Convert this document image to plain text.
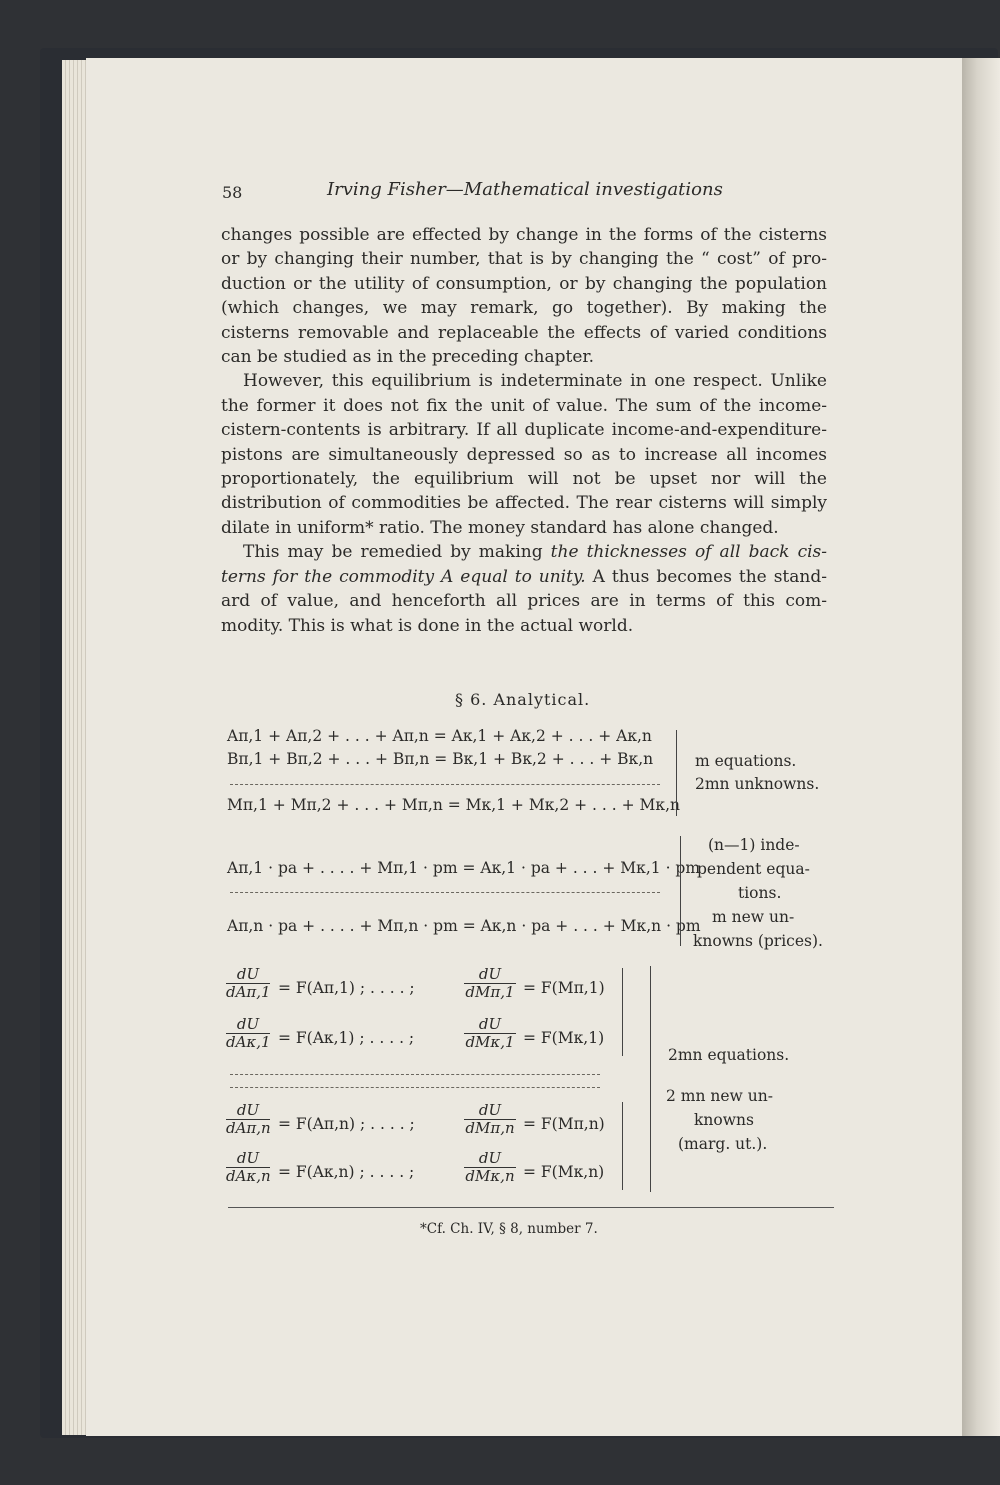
58	Irving Fisher—Mathematical investigations

changes possible are effected by change in the forms of the cisterns or by changing their number, that is by changing the “ cost” of pro-duction or the utility of consumption, or by changing the population (which changes, we may remark, go together). By making the cisterns removable and replaceable the effects of varied conditions can be studied as in the preceding chapter.

However, this equilibrium is indeterminate in one respect. Unlike the former it does not fix the unit of value. The sum of the income-cistern-contents is arbitrary. If all duplicate income-and-expenditure-pistons are simultaneously depressed so as to increase all incomes proportionately, the equilibrium will not be upset nor will the distribution of commodities be affected. The rear cisterns will simply dilate in uniform* ratio. The money standard has alone changed.

This may be remedied by making the thicknesses of all back cis-terns for the commodity A equal to unity. A thus becomes the stand-ard of value, and henceforth all prices are in terms of this com-modity. This is what is done in the actual world.

§ 6. Analytical.
Aπ,1 + Aπ,2 + . . . + Aπ,n = Aκ,1 + Aκ,2 + . . . + Aκ,n
Bπ,1 + Bπ,2 + . . . + Bπ,n = Bκ,1 + Bκ,2 + . . . + Bκ,n
Mπ,1 + Mπ,2 + . . . + Mπ,n = Mκ,1 + Mκ,2 + . . . + Mκ,n
m equations.
2mn unknowns.
Aπ,1 · pa + . . . . + Mπ,1 · pm = Aκ,1 · pa + . . . + Mκ,1 · pm
Aπ,n · pa + . . . . + Mπ,n · pm = Aκ,n · pa + . . . + Mκ,n · pm
(n—1) inde-
pendent equa-
tions.
m new un-
knowns (prices).
dU
dAπ,1 = F(Aπ,1) ; . . . . ;
dU
dMπ,1 = F(Mπ,1)
dU
dAκ,1 = F(Aκ,1) ; . . . . ;
dU
dMκ,1 = F(Mκ,1)
dU
dAπ,n = F(Aπ,n) ; . . . . ;
dU
dMπ,n = F(Mπ,n)
dU
dAκ,n = F(Aκ,n) ; . . . . ;
dU
dMκ,n = F(Mκ,n)
2mn equations.
2 mn new un-
knowns
(marg. ut.).
*Cf. Ch. IV, § 8, number 7.
